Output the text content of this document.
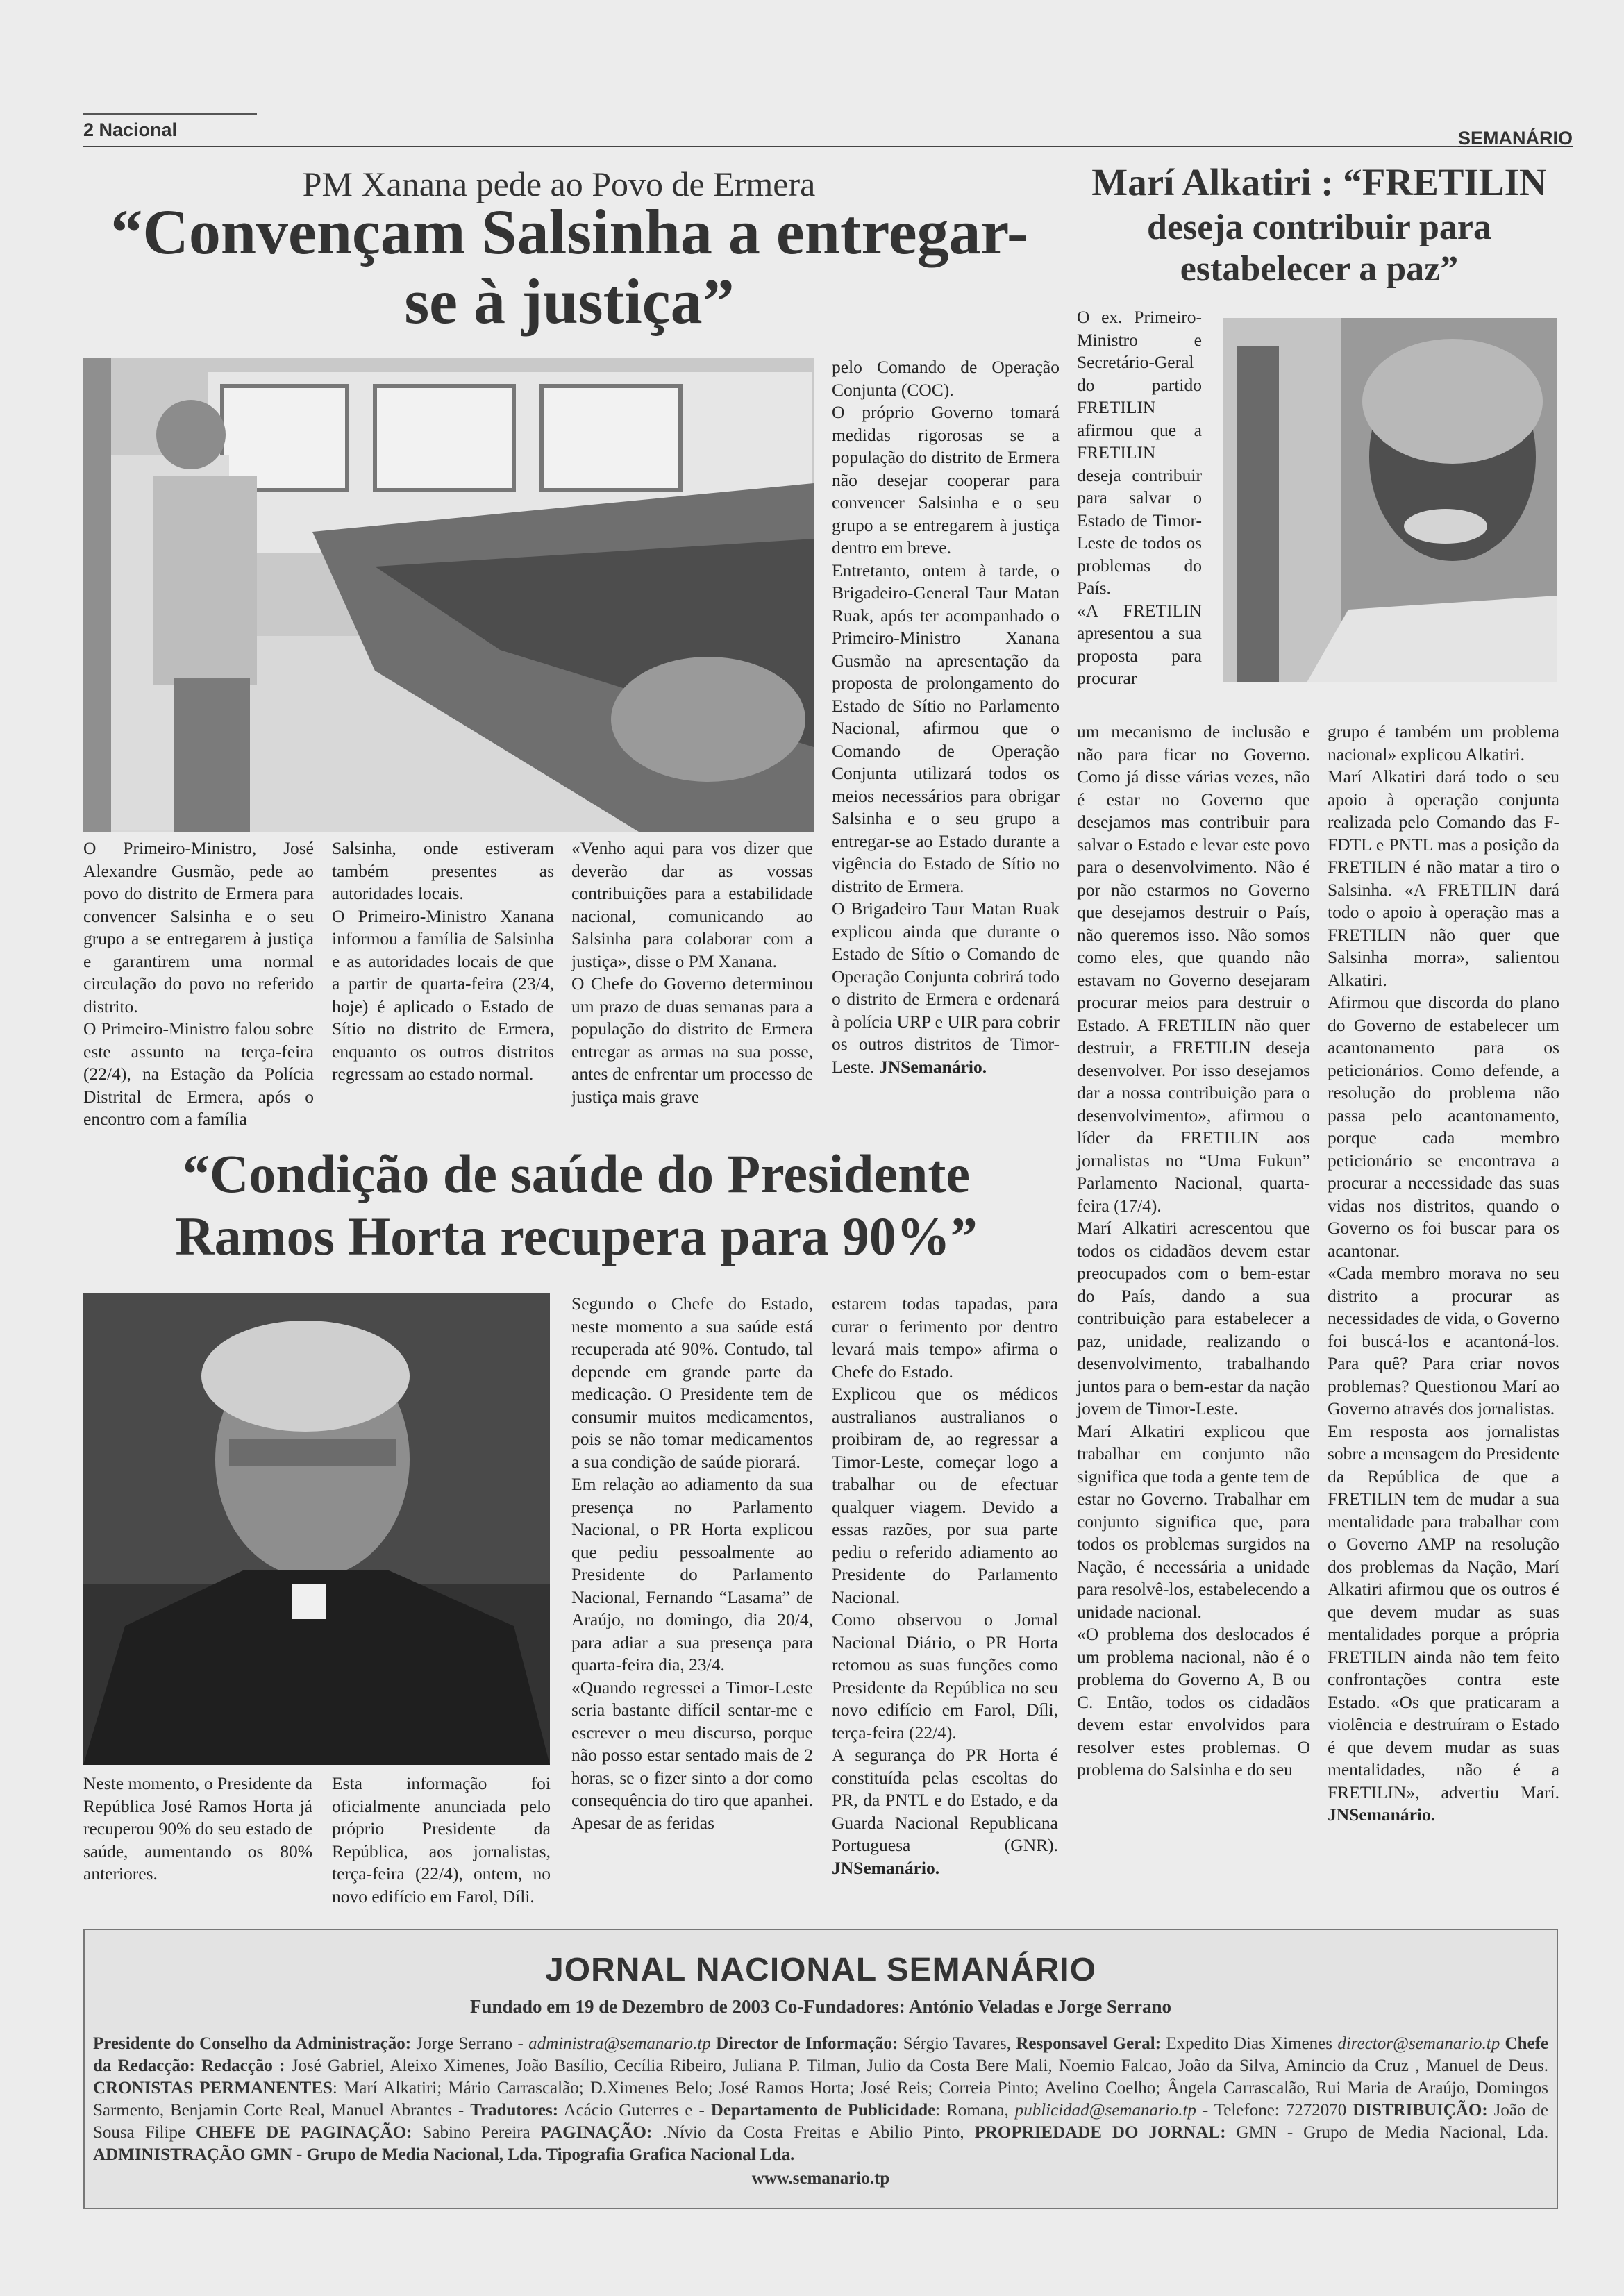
2 Nacional	SEMANÁRIO
PM Xanana pede ao Povo de Ermera
“Convençam Salsinha a entregar-
se à justiça”

O Primeiro-Ministro, José Alexandre Gusmão, pede ao povo do distrito de Ermera para convencer Salsinha e o seu grupo a se entregarem à justiça e garantirem uma normal circulação do povo no referido distrito.

O Primeiro-Ministro falou sobre este assunto na terça-feira (22/4), na Estação da Polícia Distrital de Ermera, após o encontro com a família

Salsinha, onde estiveram também presentes as autoridades locais.

O Primeiro-Ministro Xanana informou a família de Salsinha e as autoridades locais de que a partir de quarta-feira (23/4, hoje) é aplicado o Estado de Sítio no distrito de Ermera, enquanto os outros distritos regressam ao estado normal.

«Venho aqui para vos dizer que deverão dar as vossas contribuições para a estabilidade nacional, comunicando ao Salsinha para colaborar com a justiça», disse o PM Xanana.

O Chefe do Governo determinou um prazo de duas semanas para a população do distrito de Ermera entregar as armas na sua posse, antes de enfrentar um processo de justiça mais grave

pelo Comando de Operação Conjunta (COC).

O próprio Governo tomará medidas rigorosas se a população do distrito de Ermera não desejar cooperar para convencer Salsinha e o seu grupo a se entregarem à justiça dentro em breve.

Entretanto, ontem à tarde, o Brigadeiro-General Taur Matan Ruak, após ter acompanhado o Primeiro-Ministro Xanana Gusmão na apresentação da proposta de prolongamento do Estado de Sítio no Parlamento Nacional, afirmou que o Comando de Operação Conjunta utilizará todos os meios necessários para obrigar Salsinha e o seu grupo a entregar-se ao Estado durante a vigência do Estado de Sítio no distrito de Ermera.

O Brigadeiro Taur Matan Ruak explicou ainda que durante o Estado de Sítio o Comando de Operação Conjunta cobrirá todo o distrito de Ermera e ordenará à polícia URP e UIR para cobrir os outros distritos de Timor-Leste. JNSemanário.

Marí Alkatiri : “FRETILIN
deseja contribuir para
estabelecer a paz”

O ex. Primeiro-Ministro e Secretário-Geral do partido FRETILIN afirmou que a FRETILIN deseja contribuir para salvar o Estado de Timor-Leste de todos os problemas do País.

«A FRETILIN apresentou a sua proposta para procurar

um mecanismo de inclusão e não para ficar no Governo. Como já disse várias vezes, não é estar no Governo que desejamos mas contribuir para salvar o Estado e levar este povo para o desenvolvimento. Não é por não estarmos no Governo que desejamos destruir o País, não queremos isso. Não somos como eles, que quando não estavam no Governo desejaram procurar meios para destruir o Estado. A FRETILIN não quer destruir, a FRETILIN deseja desenvolver. Por isso desejamos dar a nossa contribuição para o desenvolvimento», afirmou o líder da FRETILIN aos jornalistas no “Uma Fukun” Parlamento Nacional, quarta-feira (17/4).

Marí Alkatiri acrescentou que todos os cidadãos devem estar preocupados com o bem-estar do País, dando a sua contribuição para estabelecer a paz, unidade, realizando o desenvolvimento, trabalhando juntos para o bem-estar da nação jovem de Timor-Leste.

Marí Alkatiri explicou que trabalhar em conjunto não significa que toda a gente tem de estar no Governo. Trabalhar em conjunto significa que, para todos os problemas surgidos na Nação, é necessária a unidade para resolvê-los, estabelecendo a unidade nacional.

«O problema dos deslocados é um problema nacional, não é o problema do Governo A, B ou C. Então, todos os cidadãos devem estar envolvidos para resolver estes problemas. O problema do Salsinha e do seu

grupo é também um problema nacional» explicou Alkatiri.

Marí Alkatiri dará todo o seu apoio à operação conjunta realizada pelo Comando das F-FDTL e PNTL mas a posição da FRETILIN é não matar a tiro o Salsinha. «A FRETILIN dará todo o apoio à operação mas a FRETILIN não quer que Salsinha morra», salientou Alkatiri.

Afirmou que discorda do plano do Governo de estabelecer um acantonamento para os peticionários. Como defende, a resolução do problema não passa pelo acantonamento, porque cada membro peticionário se encontrava a procurar a necessidade das suas vidas nos distritos, quando o Governo os foi buscar para os acantonar.

«Cada membro morava no seu distrito a procurar as necessidades de vida, o Governo foi buscá-los e acantoná-los. Para quê? Para criar novos problemas? Questionou Marí ao Governo através dos jornalistas.

Em resposta aos jornalistas sobre a mensagem do Presidente da República de que a FRETILIN tem de mudar a sua mentalidade para trabalhar com o Governo AMP na resolução dos problemas da Nação, Marí Alkatiri afirmou que os outros é que devem mudar as suas mentalidades porque a própria FRETILIN ainda não tem feito confrontações contra este Estado. «Os que praticaram a violência e destruíram o Estado é que devem mudar as suas mentalidades, não é a FRETILIN», advertiu Marí. JNSemanário.

“Condição de saúde do Presidente
Ramos Horta recupera para 90%”

Neste momento, o Presidente da República José Ramos Horta já recuperou 90% do seu estado de saúde, aumentando os 80% anteriores.

Esta informação foi oficialmente anunciada pelo próprio Presidente da República, aos jornalistas, terça-feira (22/4), ontem, no novo edifício em Farol, Díli.

Segundo o Chefe do Estado, neste momento a sua saúde está recuperada até 90%. Contudo, tal depende em grande parte da medicação. O Presidente tem de consumir muitos medicamentos, pois se não tomar medicamentos a sua condição de saúde piorará.

Em relação ao adiamento da sua presença no Parlamento Nacional, o PR Horta explicou que pediu pessoalmente ao Presidente do Parlamento Nacional, Fernando “Lasama” de Araújo, no domingo, dia 20/4, para adiar a sua presença para quarta-feira dia, 23/4.

«Quando regressei a Timor-Leste seria bastante difícil sentar-me e escrever o meu discurso, porque não posso estar sentado mais de 2 horas, se o fizer sinto a dor como consequência do tiro que apanhei. Apesar de as feridas

estarem todas tapadas, para curar o ferimento por dentro levará mais tempo» afirma o Chefe do Estado.

Explicou que os médicos australianos australianos o proibiram de, ao regressar a Timor-Leste, começar logo a trabalhar ou de efectuar qualquer viagem. Devido a essas razões, por sua parte pediu o referido adiamento ao Presidente do Parlamento Nacional.

Como observou o Jornal Nacional Diário, o PR Horta retomou as suas funções como Presidente da República no seu novo edifício em Farol, Díli, terça-feira (22/4).

A segurança do PR Horta é constituída pelas escoltas do PR, da PNTL e do Estado, e da Guarda Nacional Republicana Portuguesa (GNR). JNSemanário.

JORNAL NACIONAL SEMANÁRIO
Fundado em 19 de Dezembro de 2003 Co-Fundadores: António Veladas e Jorge Serrano
Presidente do Conselho da Administração: Jorge Serrano - administra@semanario.tp Director de Informação: Sérgio Tavares, Responsavel Geral: Expedito Dias Ximenes director@semanario.tp Chefe da Redacção: Redacção : José Gabriel, Aleixo Ximenes, João Basílio, Cecília Ribeiro, Juliana P. Tilman, Julio da Costa Bere Mali, Noemio Falcao, João da Silva, Amincio da Cruz , Manuel de Deus. CRONISTAS PERMANENTES: Marí Alkatiri; Mário Carrascalão; D.Ximenes Belo; José Ramos Horta; José Reis; Correia Pinto; Avelino Coelho; Ângela Carrascalão, Rui Maria de Araújo, Domingos Sarmento, Benjamin Corte Real, Manuel Abrantes - Tradutores: Acácio Guterres e - Departamento de Publicidade: Romana, publicidad@semanario.tp - Telefone: 7272070 DISTRIBUIÇÃO: João de Sousa Filipe CHEFE DE PAGINAÇÃO: Sabino Pereira PAGINAÇÃO: .Nívio da Costa Freitas e Abilio Pinto, PROPRIEDADE DO JORNAL: GMN - Grupo de Media Nacional, Lda. ADMINISTRAÇÃO GMN - Grupo de Media Nacional, Lda. Tipografia Grafica Nacional Lda.
www.semanario.tp
